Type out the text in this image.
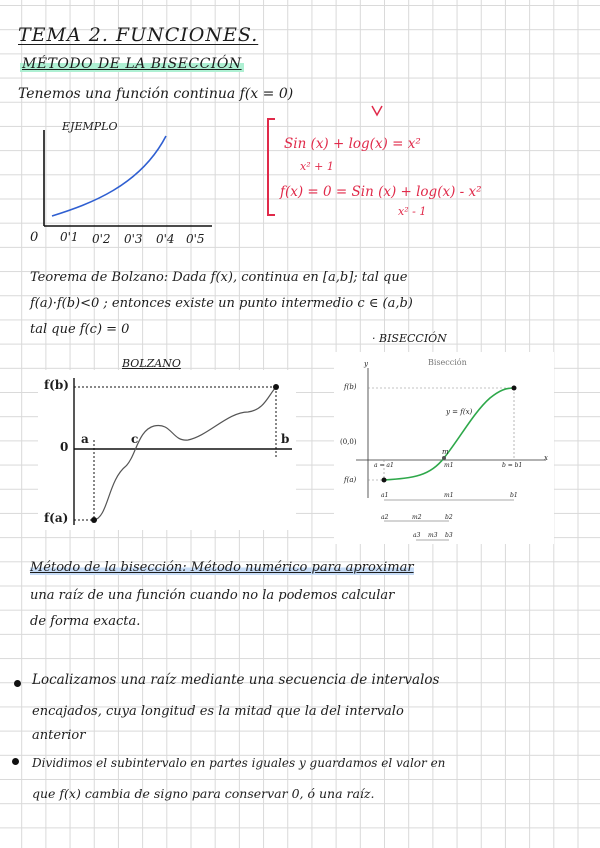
TEMA 2. FUNCIONES.
MÉTODO DE LA BISECCIÓN
Tenemos una función continua f(x = 0)
EJEMPLO
0 0'1 0'2 0'3 0'4 0'5
Sin (x) + log(x) = x²
x² + 1
f(x) = 0 = Sin (x) + log(x) - x²
x² - 1
Teorema de Bolzano: Dada f(x), continua en [a,b]; tal que
f(a)·f(b)<0 ; entonces existe un punto intermedio c ∈ (a,b)
tal que f(c) = 0
· BISECCIÓN
BOLZANO
f(b)
f(a)
0
a	c	b
Bisección
y
x
f(b)
f(a)
(0,0)
y = f(x)
m
a = a1	m1	b = b1
a1	m1	b1
a2	m2	b2
a3 m3 b3
Método de la bisección: Método numérico para aproximar
una raíz de una función cuando no la podemos calcular
de forma exacta.
Localizamos una raíz mediante una secuencia de intervalos
encajados, cuya longitud es la mitad que la del intervalo
anterior
Dividimos el subintervalo en partes iguales y guardamos el valor en
que f(x) cambia de signo para conservar 0, ó una raíz.
